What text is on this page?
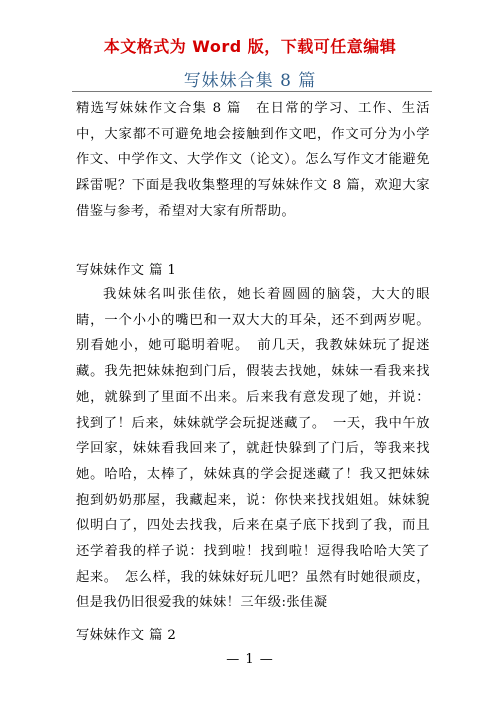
本文格式为 Word 版，下载可任意编辑
写妹妹合集 8 篇
精选写妹妹作文合集 8 篇　在日常的学习、工作、生活中，大家都不可避免地会接触到作文吧，作文可分为小学作文、中学作文、大学作文（论文）。怎么写作文才能避免踩雷呢？下面是我收集整理的写妹妹作文 8 篇，欢迎大家借鉴与参考，希望对大家有所帮助。
写妹妹作文 篇 1
我妹妹名叫张佳依，她长着圆圆的脑袋，大大的眼睛，一个小小的嘴巴和一双大大的耳朵，还不到两岁呢。别看她小，她可聪明着呢。　前几天，我教妹妹玩了捉迷藏。我先把妹妹抱到门后，假装去找她，妹妹一看我来找她，就躲到了里面不出来。后来我有意发现了她，并说：找到了！后来，妹妹就学会玩捉迷藏了。　一天，我中午放学回家，妹妹看我回来了，就赶快躲到了门后，等我来找她。哈哈，太棒了，妹妹真的学会捉迷藏了！我又把妹妹抱到奶奶那屋，我藏起来，说：你快来找找姐姐。妹妹貌似明白了，四处去找我，后来在桌子底下找到了我，而且还学着我的样子说：找到啦！找到啦！逗得我哈哈大笑了起来。　怎么样，我的妹妹好玩儿吧？虽然有时她很顽皮，但是我仍旧很爱我的妹妹！三年级:张佳凝
写妹妹作文 篇 2
— 1 —
